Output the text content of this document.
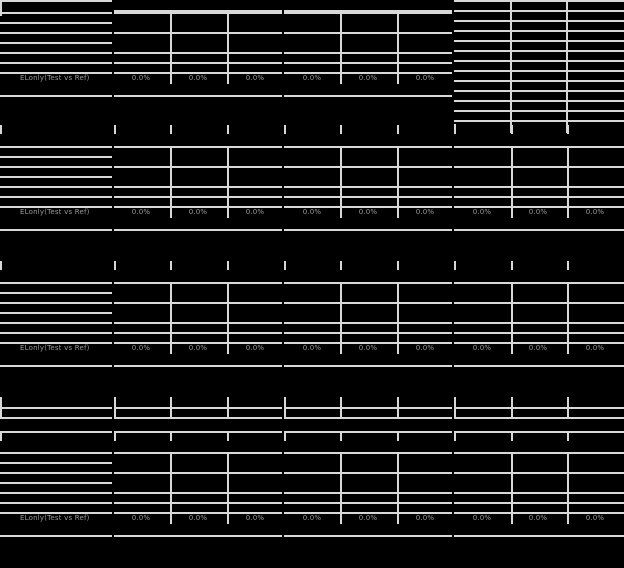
ELonly(Test vs Ref)	0.0%	0.0%	0.0%	0.0%	0.0%	0.0%
ELonly(Test vs Ref)	0.0%	0.0%	0.0%	0.0%	0.0%	0.0%	0.0%	0.0%	0.0%
ELonly(Test vs Ref)	0.0%	0.0%	0.0%	0.0%	0.0%	0.0%	0.0%	0.0%	0.0%
ELonly(Test vs Ref)	0.0%	0.0%	0.0%	0.0%	0.0%	0.0%	0.0%	0.0%	0.0%
